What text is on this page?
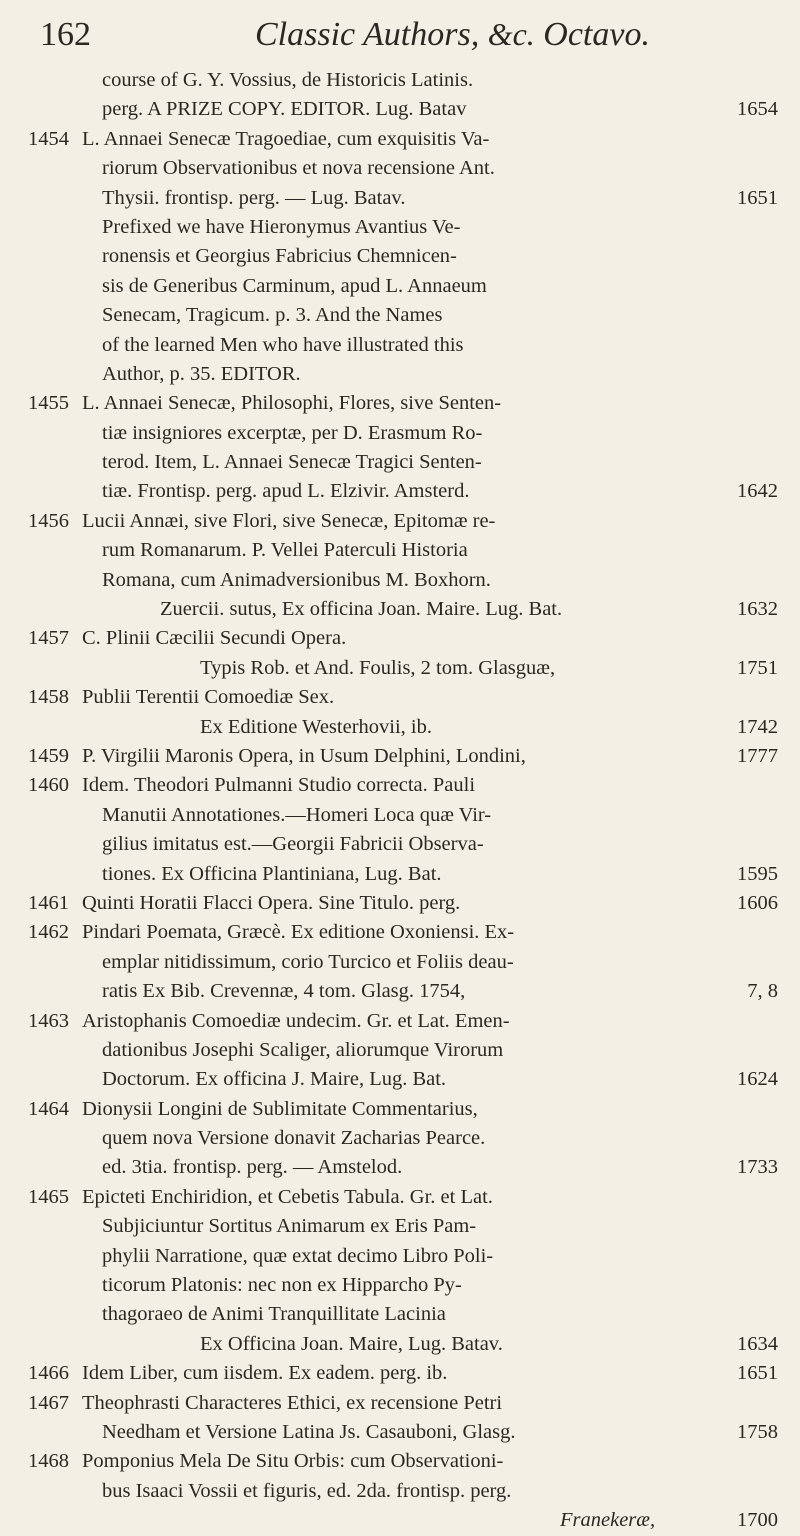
162	Classic Authors, &c. Octavo.
course of G. Y. Vossius, de Historicis Latinis.
perg. A PRIZE COPY. EDITOR. Lug. Batav	1654
1454 L. Annaei Senecæ Tragoediae, cum exquisitis Va-
riorum Observationibus et nova recensione Ant.
Thysii. frontisp. perg. — Lug. Batav.	1651
Prefixed we have Hieronymus Avantius Ve-
ronensis et Georgius Fabricius Chemnicen-
sis de Generibus Carminum, apud L. Annaeum
Senecam, Tragicum. p. 3. And the Names
of the learned Men who have illustrated this
Author, p. 35. EDITOR.
1455 L. Annaei Senecæ, Philosophi, Flores, sive Senten-
tiæ insigniores excerptæ, per D. Erasmum Ro-
terod. Item, L. Annaei Senecæ Tragici Senten-
tiæ. Frontisp. perg. apud L. Elzivir. Amsterd.	1642
1456 Lucii Annæi, sive Flori, sive Senecæ, Epitomæ re-
rum Romanarum. P. Vellei Paterculi Historia
Romana, cum Animadversionibus M. Boxhorn.
Zuercii. sutus, Ex officina Joan. Maire. Lug. Bat.	1632
1457 C. Plinii Cæcilii Secundi Opera.
Typis Rob. et And. Foulis, 2 tom. Glasguæ,	1751
1458 Publii Terentii Comoediæ Sex.
Ex Editione Westerhovii, ib.	1742
1459 P. Virgilii Maronis Opera, in Usum Delphini, Londini,	1777
1460 Idem. Theodori Pulmanni Studio correcta. Pauli
Manutii Annotationes.—Homeri Loca quæ Vir-
gilius imitatus est.—Georgii Fabricii Observa-
tiones. Ex Officina Plantiniana, Lug. Bat.	1595
1461 Quinti Horatii Flacci Opera. Sine Titulo. perg.	1606
1462 Pindari Poemata, Græcè. Ex editione Oxoniensi. Ex-
emplar nitidissimum, corio Turcico et Foliis deau-
ratis Ex Bib. Crevennæ, 4 tom. Glasg. 1754,	7, 8
1463 Aristophanis Comoediæ undecim. Gr. et Lat. Emen-
dationibus Josephi Scaliger, aliorumque Virorum
Doctorum. Ex officina J. Maire, Lug. Bat.	1624
1464 Dionysii Longini de Sublimitate Commentarius,
quem nova Versione donavit Zacharias Pearce.
ed. 3tia. frontisp. perg. — Amstelod.	1733
1465 Epicteti Enchiridion, et Cebetis Tabula. Gr. et Lat.
Subjiciuntur Sortitus Animarum ex Eris Pam-
phylii Narratione, quæ extat decimo Libro Poli-
ticorum Platonis: nec non ex Hipparcho Py-
thagoraeo de Animi Tranquillitate Lacinia
Ex Officina Joan. Maire, Lug. Batav.	1634
1466 Idem Liber, cum iisdem. Ex eadem. perg. ib.	1651
1467 Theophrasti Characteres Ethici, ex recensione Petri
Needham et Versione Latina Js. Casauboni, Glasg.	1758
1468 Pomponius Mela De Situ Orbis: cum Observationi-
bus Isaaci Vossii et figuris, ed. 2da. frontisp. perg.
Franekeræ,	1700
